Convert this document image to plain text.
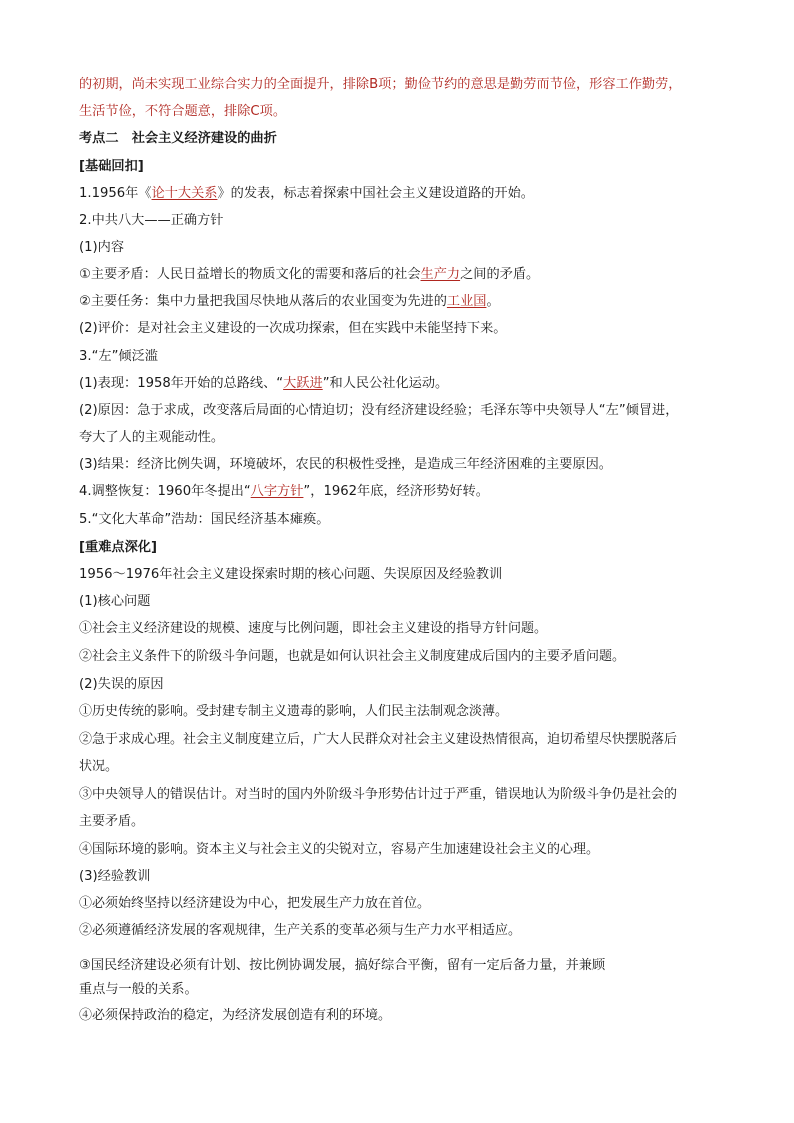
的初期，尚未实现工业综合实力的全面提升，排除B项；勤俭节约的意思是勤劳而节俭，形容工作勤劳，
生活节俭，不符合题意，排除C项。
考点二　社会主义经济建设的曲折
[基础回扣]
1.1956年《论十大关系》的发表，标志着探索中国社会主义建设道路的开始。
2.中共八大——正确方针
(1)内容
①主要矛盾：人民日益增长的物质文化的需要和落后的社会生产力之间的矛盾。
②主要任务：集中力量把我国尽快地从落后的农业国变为先进的工业国。
(2)评价：是对社会主义建设的一次成功探索，但在实践中未能坚持下来。
3.“左”倾泛滥
(1)表现：1958年开始的总路线、“大跃进”和人民公社化运动。
(2)原因：急于求成，改变落后局面的心情迫切；没有经济建设经验；毛泽东等中央领导人“左”倾冒进，
夸大了人的主观能动性。
(3)结果：经济比例失调，环境破坏，农民的积极性受挫，是造成三年经济困难的主要原因。
4.调整恢复：1960年冬提出“八字方针”，1962年底，经济形势好转。
5.“文化大革命”浩劫：国民经济基本瘫痪。
[重难点深化]
1956～1976年社会主义建设探索时期的核心问题、失误原因及经验教训
(1)核心问题
①社会主义经济建设的规模、速度与比例问题，即社会主义建设的指导方针问题。
②社会主义条件下的阶级斗争问题，也就是如何认识社会主义制度建成后国内的主要矛盾问题。
(2)失误的原因
①历史传统的影响。受封建专制主义遗毒的影响，人们民主法制观念淡薄。
②急于求成心理。社会主义制度建立后，广大人民群众对社会主义建设热情很高，迫切希望尽快摆脱落后
状况。
③中央领导人的错误估计。对当时的国内外阶级斗争形势估计过于严重，错误地认为阶级斗争仍是社会的
主要矛盾。
④国际环境的影响。资本主义与社会主义的尖锐对立，容易产生加速建设社会主义的心理。
(3)经验教训
①必须始终坚持以经济建设为中心，把发展生产力放在首位。
②必须遵循经济发展的客观规律，生产关系的变革必须与生产力水平相适应。
③国民经济建设必须有计划、按比例协调发展，搞好综合平衡，留有一定后备力量，并兼顾
重点与一般的关系。
④必须保持政治的稳定，为经济发展创造有利的环境。
